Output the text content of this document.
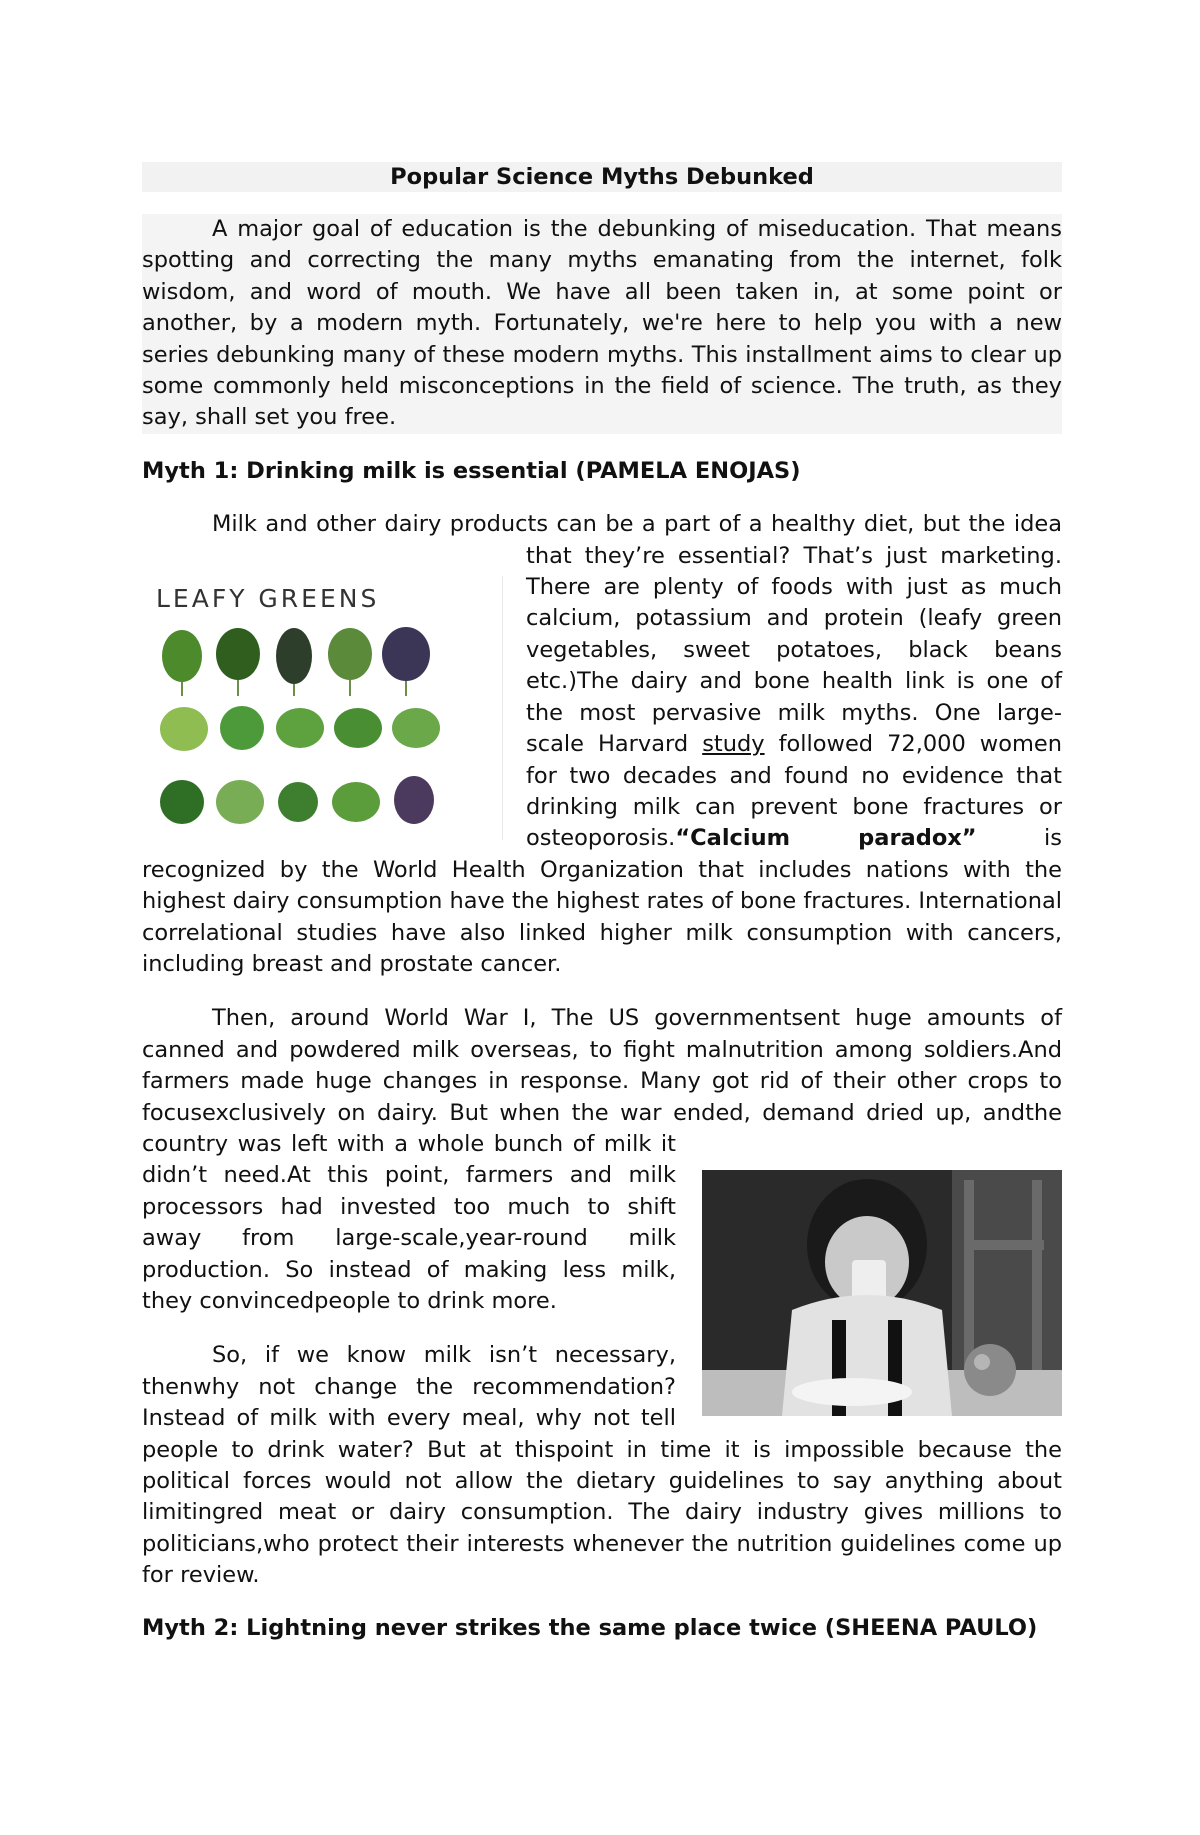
Popular Science Myths Debunked

A major goal of education is the debunking of miseducation. That means spotting and correcting the many myths emanating from the internet, folk wisdom, and word of mouth. We have all been taken in, at some point or another, by a modern myth. Fortunately, we're here to help you with a new series debunking many of these modern myths. This installment aims to clear up some commonly held misconceptions in the field of science. The truth, as they say, shall set you free.

Myth 1: Drinking milk is essential (PAMELA ENOJAS)

Milk and other dairy products can be a part of a healthy diet, but the idea that they’re essential? That’s just marketing. There are plenty of foods with just as much calcium, potassium and protein (leafy green vegetables, sweet potatoes, black beans etc.)The dairy and bone health link is one of the most pervasive milk myths. One large-scale Harvard study followed 72,000 women for two decades and found no evidence that drinking milk can prevent bone fractures or osteoporosis.“Calcium paradox” is recognized by the World Health Organization that includes nations with the highest dairy consumption have the highest rates of bone fractures. International correlational studies have also linked higher milk consumption with cancers, including breast and prostate cancer.

Then, around World War I, The US governmentsent huge amounts of canned and powdered milk overseas, to fight malnutrition among soldiers.And farmers made huge changes in response. Many got rid of their other crops to focusexclusively on dairy. But when the war ended, demand dried up, andthe country was left with a whole bunch of milk it didn’t need.At this point, farmers and milk processors had invested too much to shift away from large-scale,year-round milk production. So instead of making less milk, they convincedpeople to drink more.

So, if we know milk isn’t necessary, thenwhy not change the recommendation? Instead of milk with every meal, why not tell people to drink water? But at thispoint in time it is impossible because the political forces would not allow the dietary guidelines to say anything about limitingred meat or dairy consumption. The dairy industry gives millions to politicians,who protect their interests whenever the nutrition guidelines come up for review.

Myth 2: Lightning never strikes the same place twice (SHEENA PAULO)
LEAFY GREENS
